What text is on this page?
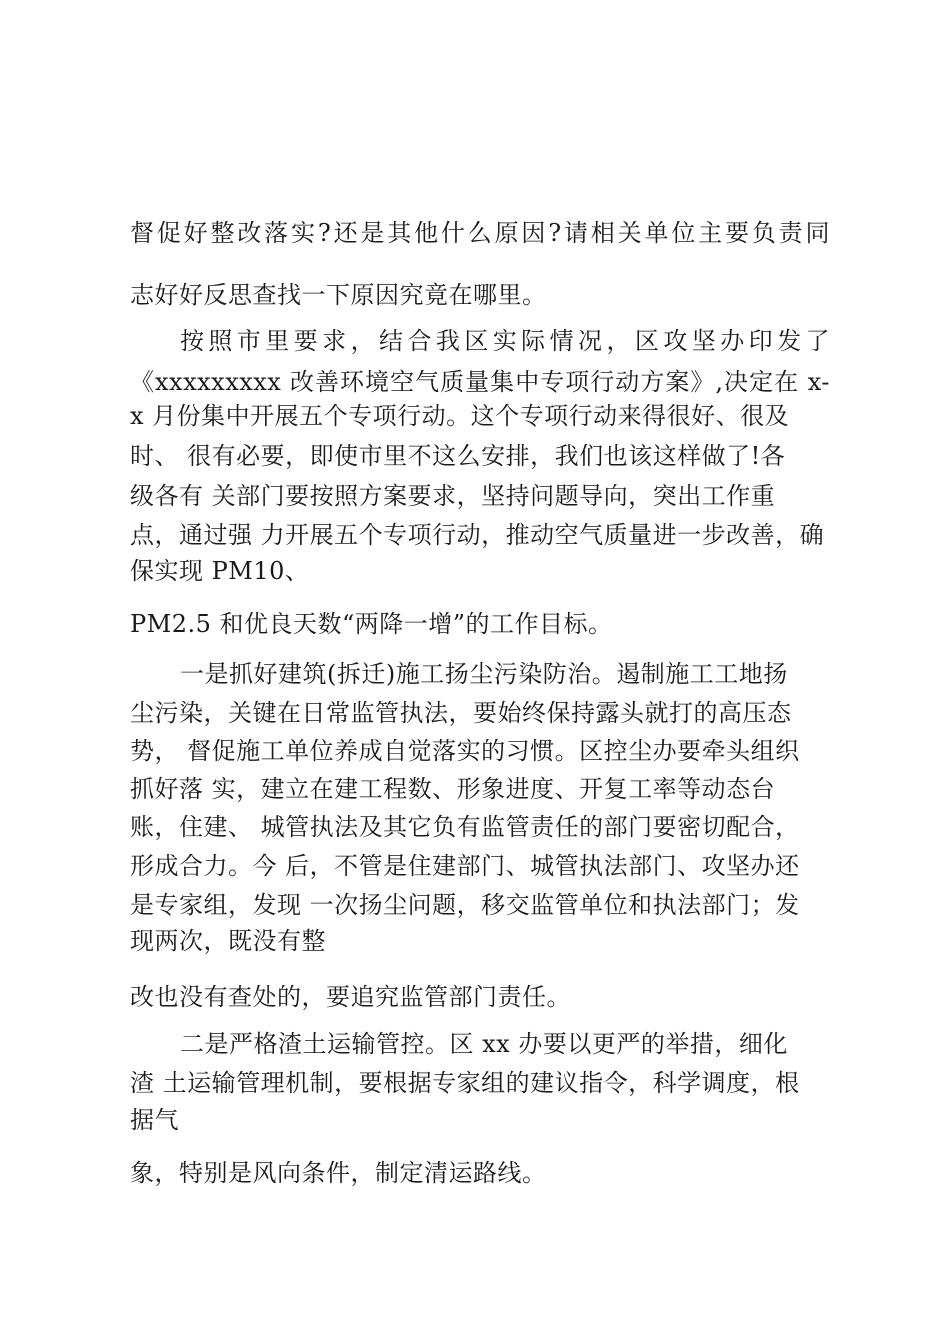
督促好整改落实?还是其他什么原因?请相关单位主要负责同

志好好反思查找一下原因究竟在哪里。

按照市里要求，结合我区实际情况，区攻坚办印发了

《xxxxxxxxx 改善环境空气质量集中专项行动方案》,决定在 x-

x 月份集中开展五个专项行动。这个专项行动来得很好、很及

时、 很有必要，即使市里不这么安排，我们也该这样做了!各

级各有 关部门要按照方案要求，坚持问题导向，突出工作重

点，通过强 力开展五个专项行动，推动空气质量进一步改善，确

保实现 PM10、

PM2.5 和优良天数“两降一增”的工作目标。

一是抓好建筑(拆迁)施工扬尘污染防治。遏制施工工地扬

尘污染，关键在日常监管执法，要始终保持露头就打的高压态

势， 督促施工单位养成自觉落实的习惯。区控尘办要牵头组织

抓好落 实，建立在建工程数、形象进度、开复工率等动态台

账，住建、 城管执法及其它负有监管责任的部门要密切配合，

形成合力。今 后，不管是住建部门、城管执法部门、攻坚办还

是专家组，发现 一次扬尘问题，移交监管单位和执法部门；发

现两次，既没有整

改也没有查处的，要追究监管部门责任。

二是严格渣土运输管控。区 xx 办要以更严的举措，细化

渣 土运输管理机制，要根据专家组的建议指令，科学调度，根

据气

象，特别是风向条件，制定清运路线。
